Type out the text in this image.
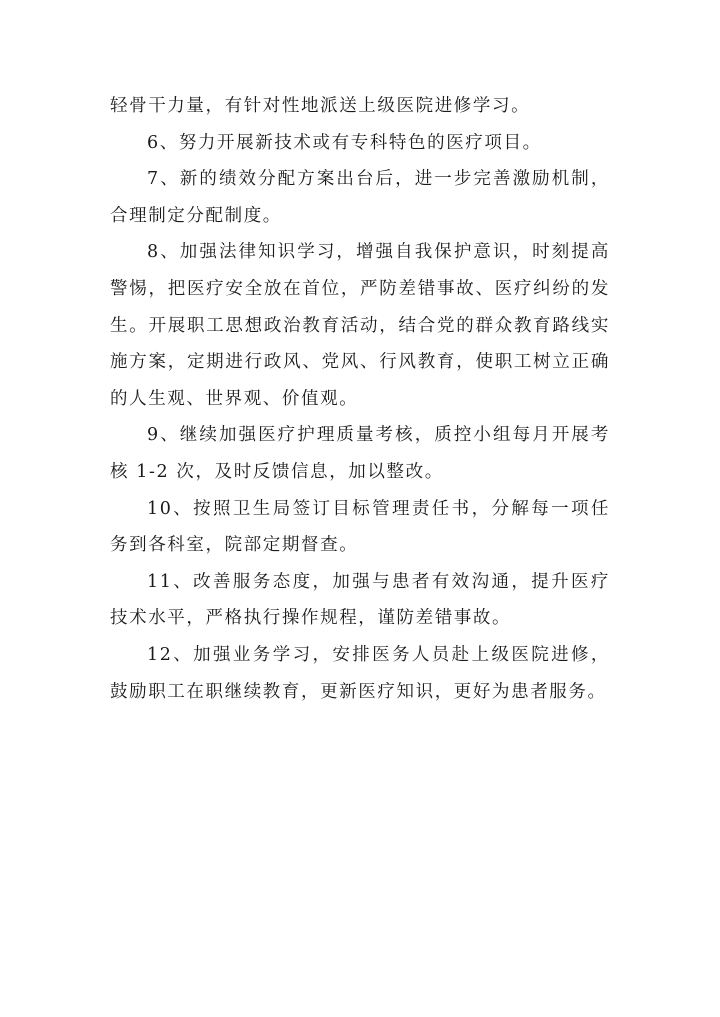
轻骨干力量，有针对性地派送上级医院进修学习。

6、努力开展新技术或有专科特色的医疗项目。

7、新的绩效分配方案出台后，进一步完善激励机制，合理制定分配制度。

8、加强法律知识学习，增强自我保护意识，时刻提高警惕，把医疗安全放在首位，严防差错事故、医疗纠纷的发生。开展职工思想政治教育活动，结合党的群众教育路线实施方案，定期进行政风、党风、行风教育，使职工树立正确的人生观、世界观、价值观。

9、继续加强医疗护理质量考核，质控小组每月开展考核 1-2 次，及时反馈信息，加以整改。

10、按照卫生局签订目标管理责任书，分解每一项任务到各科室，院部定期督查。

11、改善服务态度，加强与患者有效沟通，提升医疗技术水平，严格执行操作规程，谨防差错事故。

12、加强业务学习，安排医务人员赴上级医院进修，鼓励职工在职继续教育，更新医疗知识，更好为患者服务。
